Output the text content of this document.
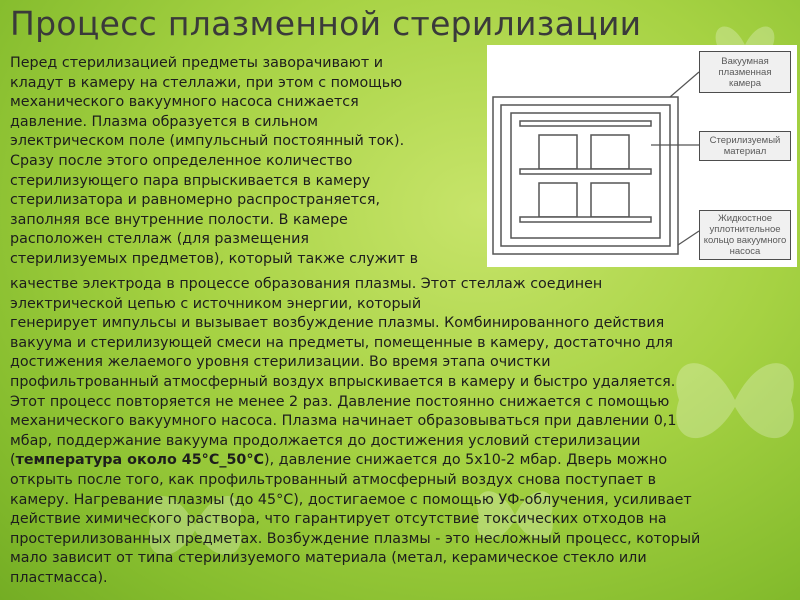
Процесс плазменной стерилизации
Перед стерилизацией предметы заворачивают и
кладут в камеру на стеллажи, при этом с помощью
механического вакуумного насоса снижается
давление. Плазма образуется в сильном
электрическом поле (импульсный постоянный ток).
Сразу после этого определенное количество
стерилизующего пара впрыскивается в камеру
стерилизатора и равномерно распространяется,
заполняя все внутренние полости. В камере
расположен стеллаж (для размещения
стерилизуемых предметов), который также служит в
Вакуумная
плазменная
камера
Стерилизуемый
материал
Жидкостное
уплотнительное
кольцо вакуумного
насоса
качестве электрода в процессе образования плазмы. Этот стеллаж соединен
электрической цепью с источником энергии, который
генерирует импульсы и вызывает возбуждение плазмы. Комбинированного действия
вакуума и стерилизующей смеси на предметы, помещенные в камеру, достаточно для
достижения желаемого уровня стерилизации. Во время этапа очистки
профильтрованный атмосферный воздух впрыскивается в камеру и быстро удаляется.
Этот процесс повторяется не менее 2 раз. Давление постоянно снижается с помощью
механического вакуумного насоса. Плазма начинает образовываться при давлении 0,1
мбар, поддержание вакуума продолжается до достижения условий стерилизации
(температура около 45°С_50°С), давление снижается до 5х10-2 мбар. Дверь можно
открыть после того, как профильтрованный атмосферный воздух снова поступает в
камеру. Нагревание плазмы (до 45°С), достигаемое с помощью УФ-облучения, усиливает
действие химического раствора, что гарантирует отсутствие токсических отходов на
простерилизованных предметах. Возбуждение плазмы - это несложный процесс, который
мало зависит от типа стерилизуемого материала (метал, керамическое стекло или
пластмасса).
